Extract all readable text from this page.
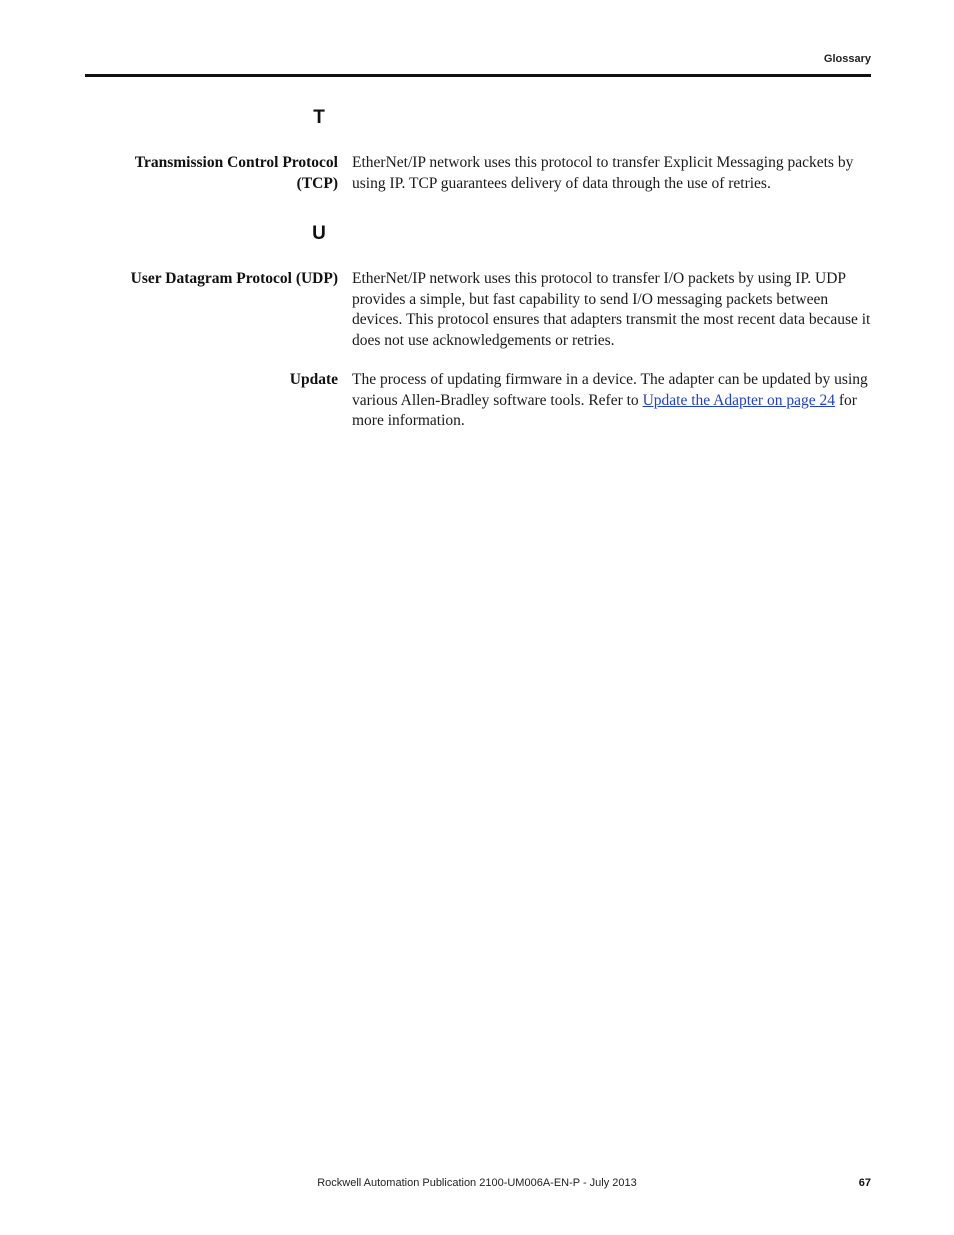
Glossary
T
Transmission Control Protocol
(TCP)
EtherNet/IP network uses this protocol to transfer Explicit Messaging packets by using IP. TCP guarantees delivery of data through the use of retries.
U
User Datagram Protocol (UDP) EtherNet/IP network uses this protocol to transfer I/O packets by using IP. UDP provides a simple, but fast capability to send I/O messaging packets between devices. This protocol ensures that adapters transmit the most recent data because it does not use acknowledgements or retries.
Update The process of updating firmware in a device. The adapter can be updated by using various Allen-Bradley software tools. Refer to Update the Adapter on page 24 for more information.
Rockwell Automation Publication 2100-UM006A-EN-P - July 2013	67
